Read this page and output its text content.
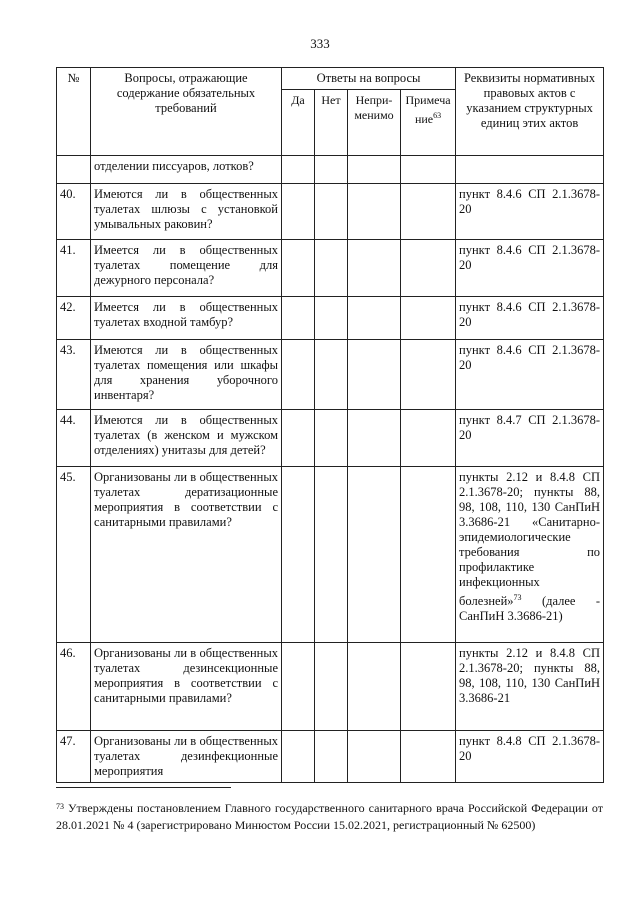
333
№	Вопросы, отражающие содержание обязательных требований	Ответы на вопросы				Реквизиты нормативных правовых актов с указанием структурных единиц этих актов
		Да	Нет	Непри-менимо	Примеча ние$^{63}$
	отделении писсуаров, лотков?					
40.	Имеются ли в общественных туалетах шлюзы с установкой умывальных раковин?					пункт 8.4.6 СП 2.1.3678-20
41.	Имеется ли в общественных туалетах помещение для дежурного персонала?					пункт 8.4.6 СП 2.1.3678-20
42.	Имеется ли в общественных туалетах входной тамбур?					пункт 8.4.6 СП 2.1.3678-20
43.	Имеются ли в общественных туалетах помещения или шкафы для хранения уборочного инвентаря?					пункт 8.4.6 СП 2.1.3678-20
44.	Имеются ли в общественных туалетах (в женском и мужском отделениях) унитазы для детей?					пункт 8.4.7 СП 2.1.3678-20
45.	Организованы ли в общественных туалетах дератизационные мероприятия в соответствии с санитарными правилами?					пункты 2.12 и 8.4.8 СП 2.1.3678-20; пункты 88, 98, 108, 110, 130 СанПиН 3.3686-21 «Санитарно-эпидемиологические требования по профилактике инфекционных болезней»$^{73}$ (далее - СанПиН 3.3686-21)
46.	Организованы ли в общественных туалетах дезинсекционные мероприятия в соответствии с санитарными правилами?					пункты 2.12 и 8.4.8 СП 2.1.3678-20; пункты 88, 98, 108, 110, 130 СанПиН 3.3686-21
47.	Организованы ли в общественных туалетах дезинфекционные мероприятия					пункт 8.4.8 СП 2.1.3678-20
$^{73}$ Утверждены постановлением Главного государственного санитарного врача Российской Федерации от 28.01.2021 № 4 (зарегистрировано Минюстом России 15.02.2021, регистрационный № 62500)
